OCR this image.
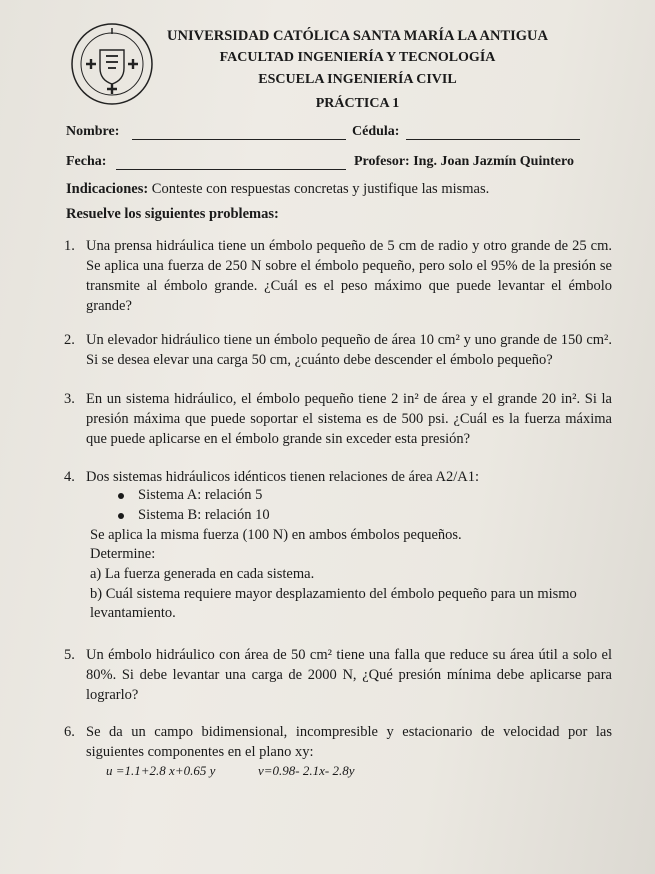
UNIVERSIDAD CATÓLICA SANTA MARÍA LA ANTIGUA
FACULTAD INGENIERÍA Y TECNOLOGÍA
ESCUELA INGENIERÍA CIVIL
PRÁCTICA 1
Nombre:	Cédula:
Fecha:	Profesor: Ing. Joan Jazmín Quintero
Indicaciones: Conteste con respuestas concretas y justifique las mismas.
Resuelve los siguientes problemas:
1. Una prensa hidráulica tiene un émbolo pequeño de 5 cm de radio y otro grande de 25 cm. Se aplica una fuerza de 250 N sobre el émbolo pequeño, pero solo el 95% de la presión se transmite al émbolo grande. ¿Cuál es el peso máximo que puede levantar el émbolo grande?
2. Un elevador hidráulico tiene un émbolo pequeño de área 10 cm² y uno grande de 150 cm². Si se desea elevar una carga 50 cm, ¿cuánto debe descender el émbolo pequeño?
3. En un sistema hidráulico, el émbolo pequeño tiene 2 in² de área y el grande 20 in². Si la presión máxima que puede soportar el sistema es de 500 psi. ¿Cuál es la fuerza máxima que puede aplicarse en el émbolo grande sin exceder esta presión?
4. Dos sistemas hidráulicos idénticos tienen relaciones de área A2/A1:
Sistema A: relación 5
Sistema B: relación 10
Se aplica la misma fuerza (100 N) en ambos émbolos pequeños.
Determine:
a) La fuerza generada en cada sistema.
b) Cuál sistema requiere mayor desplazamiento del émbolo pequeño para un mismo
levantamiento.
5. Un émbolo hidráulico con área de 50 cm² tiene una falla que reduce su área útil a solo el 80%. Si debe levantar una carga de 2000 N, ¿Qué presión mínima debe aplicarse para lograrlo?
6. Se da un campo bidimensional, incompresible y estacionario de velocidad por las siguientes componentes en el plano xy:
u =1.1+2.8 x+0.65 y	v=0.98- 2.1x- 2.8y
